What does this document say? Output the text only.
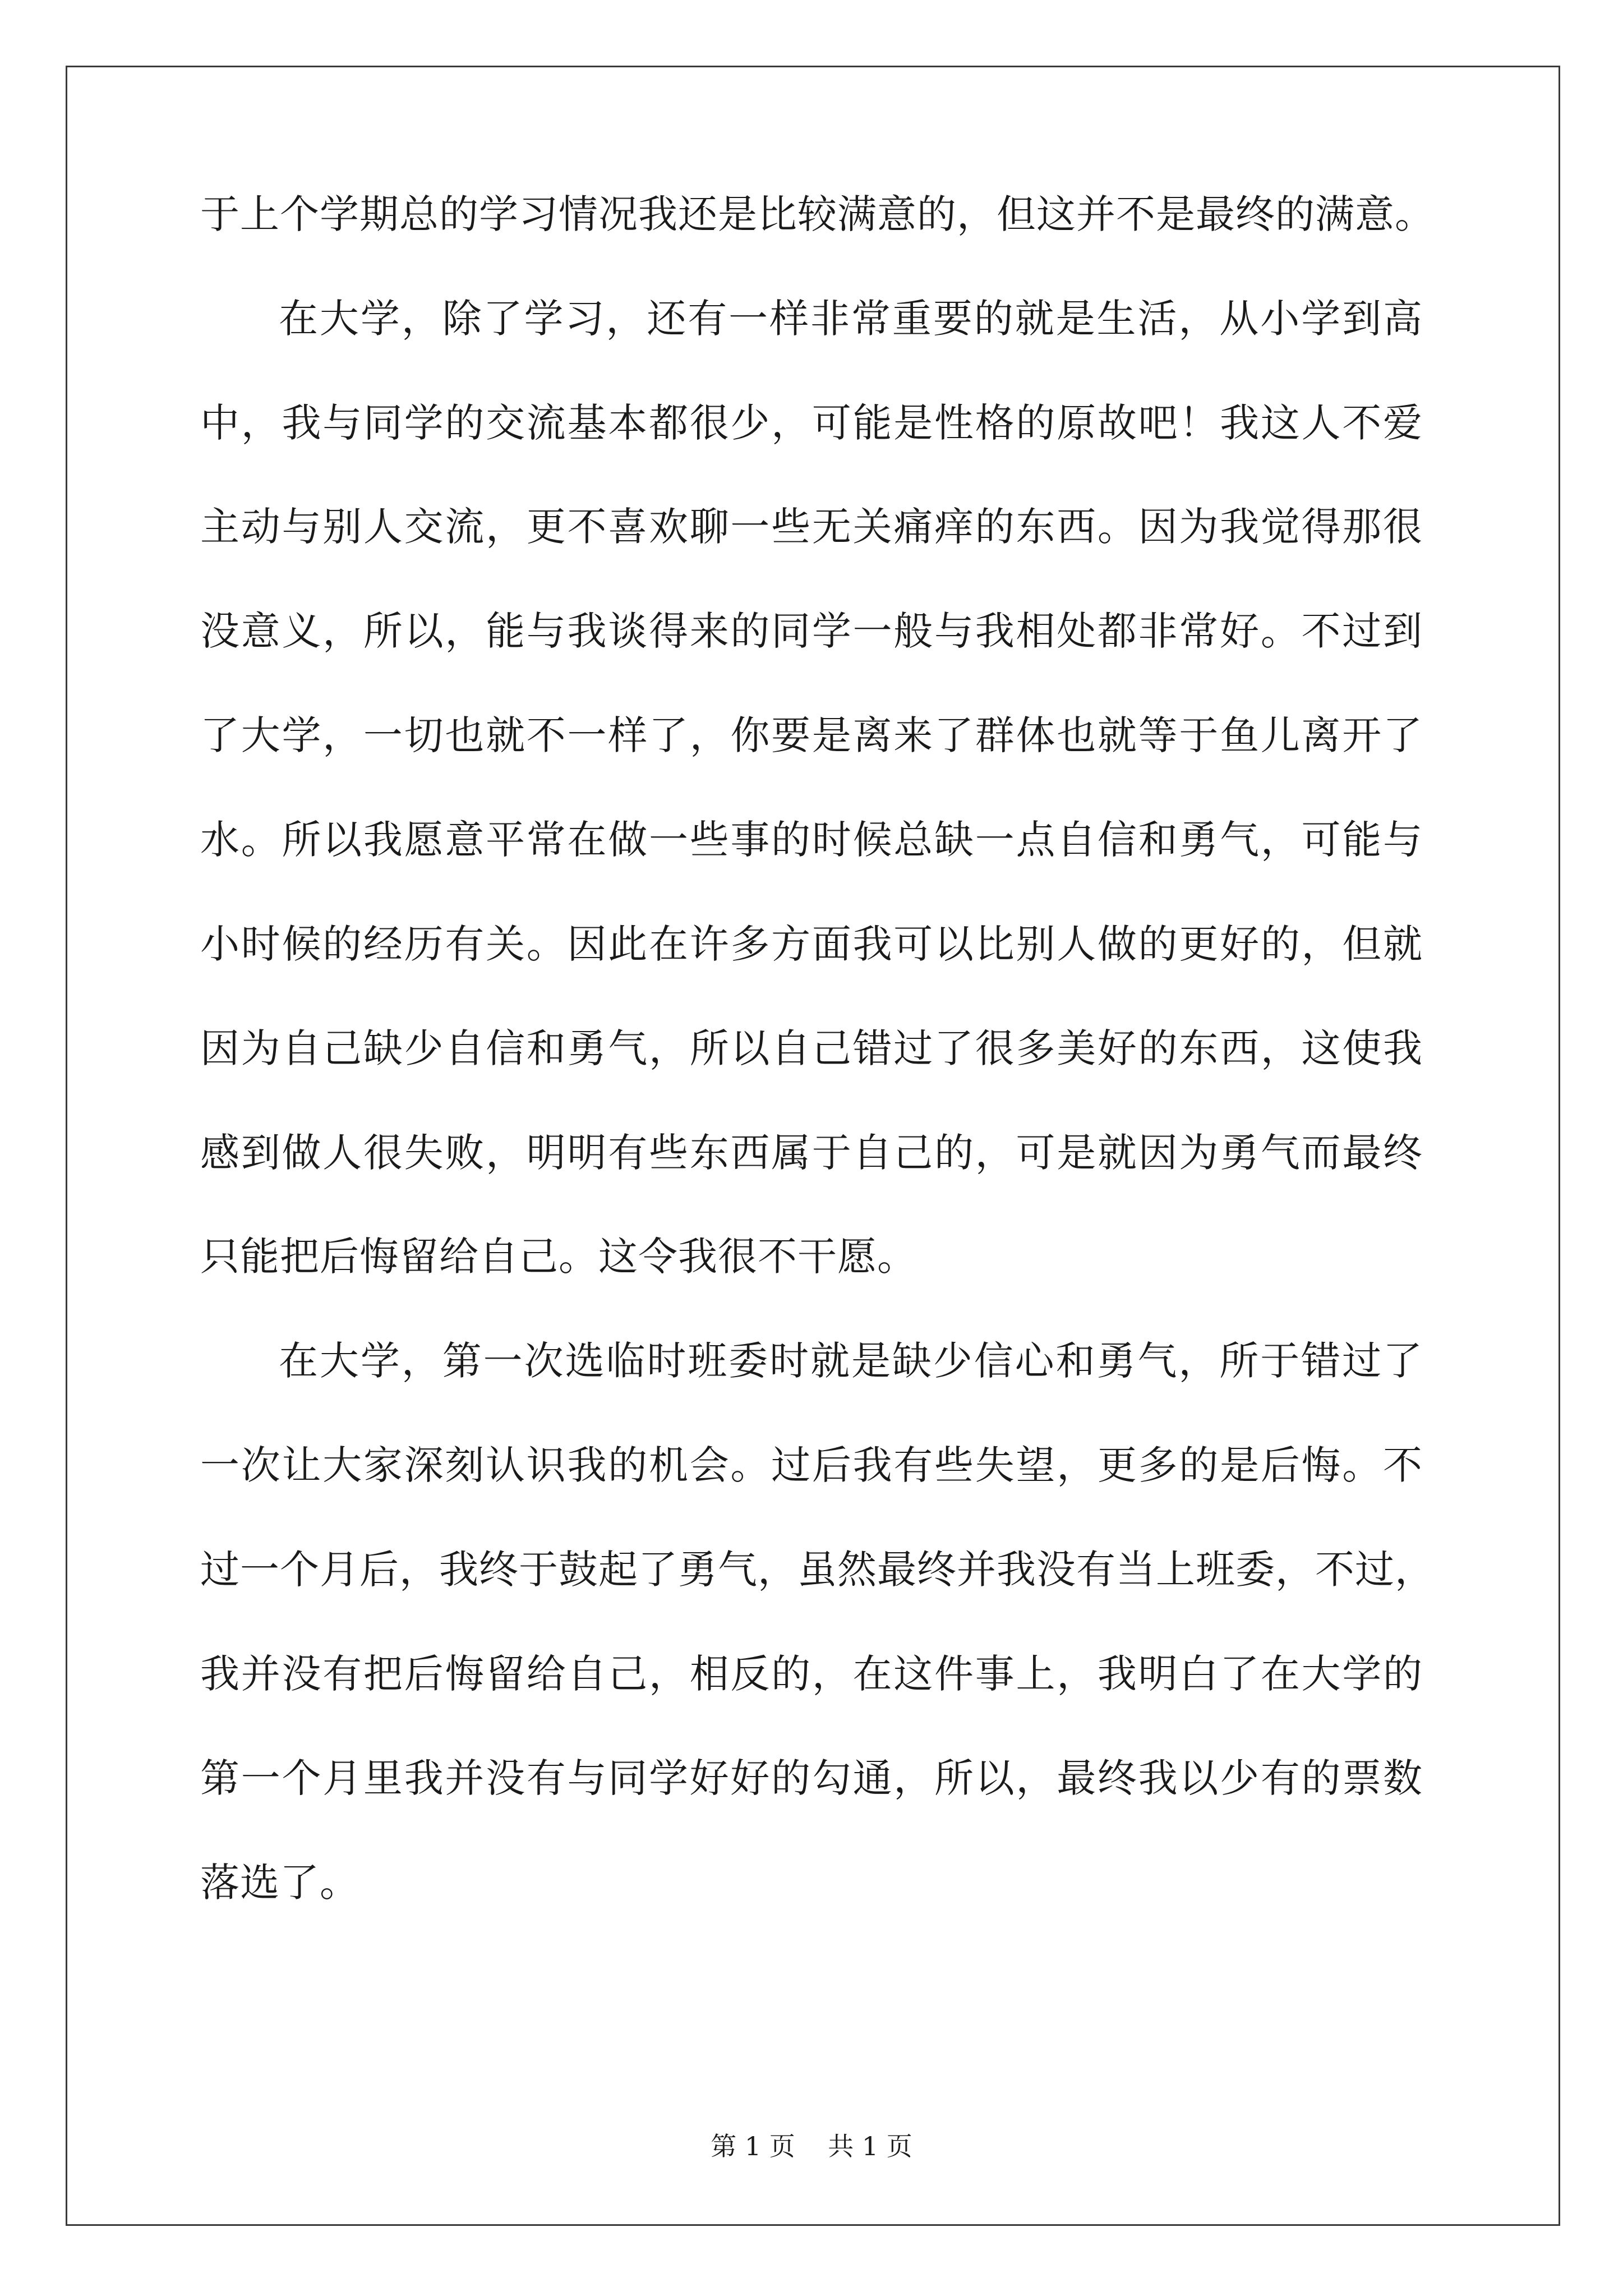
于上个学期总的学习情况我还是比较满意的，但这并不是最终的满意。
在大学，除了学习，还有一样非常重要的就是生活，从小学到高
中，我与同学的交流基本都很少，可能是性格的原故吧！我这人不爱
主动与别人交流，更不喜欢聊一些无关痛痒的东西。因为我觉得那很
没意义，所以，能与我谈得来的同学一般与我相处都非常好。不过到
了大学，一切也就不一样了，你要是离来了群体也就等于鱼儿离开了
水。所以我愿意平常在做一些事的时候总缺一点自信和勇气，可能与
小时候的经历有关。因此在许多方面我可以比别人做的更好的，但就
因为自己缺少自信和勇气，所以自己错过了很多美好的东西，这使我
感到做人很失败，明明有些东西属于自己的，可是就因为勇气而最终
只能把后悔留给自己。这令我很不干愿。
在大学，第一次选临时班委时就是缺少信心和勇气，所于错过了
一次让大家深刻认识我的机会。过后我有些失望，更多的是后悔。不
过一个月后，我终于鼓起了勇气，虽然最终并我没有当上班委，不过，
我并没有把后悔留给自己，相反的，在这件事上，我明白了在大学的
第一个月里我并没有与同学好好的勾通，所以，最终我以少有的票数
落选了。
第 1 页    共 1 页
